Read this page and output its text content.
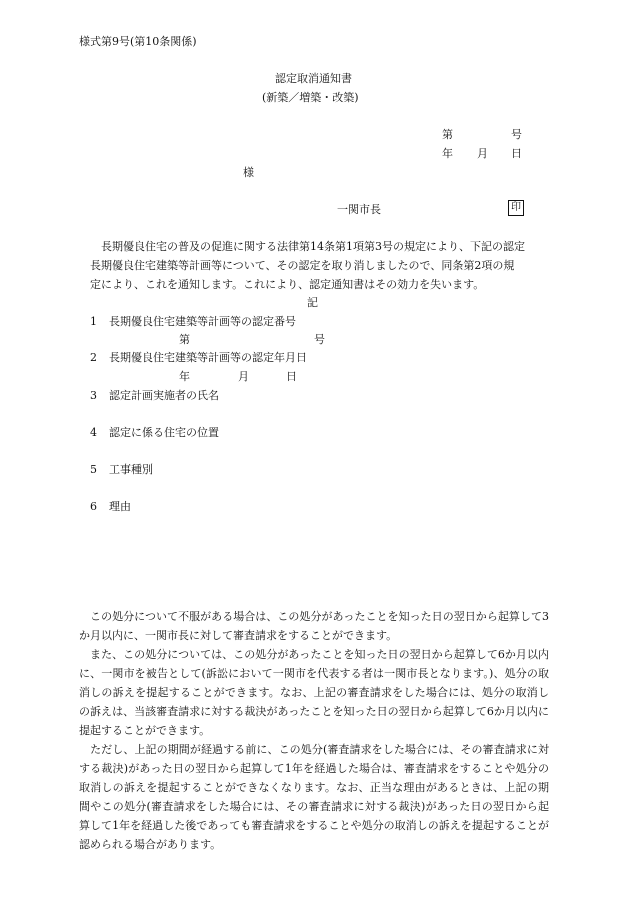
様式第9号(第10条関係)
認定取消通知書
(新築／増築・改築)
第	号
年 月 日
様
一関市長	印
長期優良住宅の普及の促進に関する法律第14条第1項第3号の規定により、下記の認定
長期優良住宅建築等計画等について、その認定を取り消しましたので、同条第2項の規
定により、これを通知します。これにより、認定通知書はその効力を失います。
記
1 長期優良住宅建築等計画等の認定番号
第	号
2 長期優良住宅建築等計画等の認定年月日
年	月	日
3 認定計画実施者の氏名
4 認定に係る住宅の位置
5 工事種別
6 理由
　この処分について不服がある場合は、この処分があったことを知った日の翌日から起算して3か月以内に、一関市長に対して審査請求をすることができます。
　また、この処分については、この処分があったことを知った日の翌日から起算して6か月以内に、一関市を被告として(訴訟において一関市を代表する者は一関市長となります。)、処分の取消しの訴えを提起することができます。なお、上記の審査請求をした場合には、処分の取消しの訴えは、当該審査請求に対する裁決があったことを知った日の翌日から起算して6か月以内に提起することができます。
　ただし、上記の期間が経過する前に、この処分(審査請求をした場合には、その審査請求に対する裁決)があった日の翌日から起算して1年を経過した場合は、審査請求をすることや処分の取消しの訴えを提起することができなくなります。なお、正当な理由があるときは、上記の期間やこの処分(審査請求をした場合には、その審査請求に対する裁決)があった日の翌日から起算して1年を経過した後であっても審査請求をすることや処分の取消しの訴えを提起することが認められる場合があります。
